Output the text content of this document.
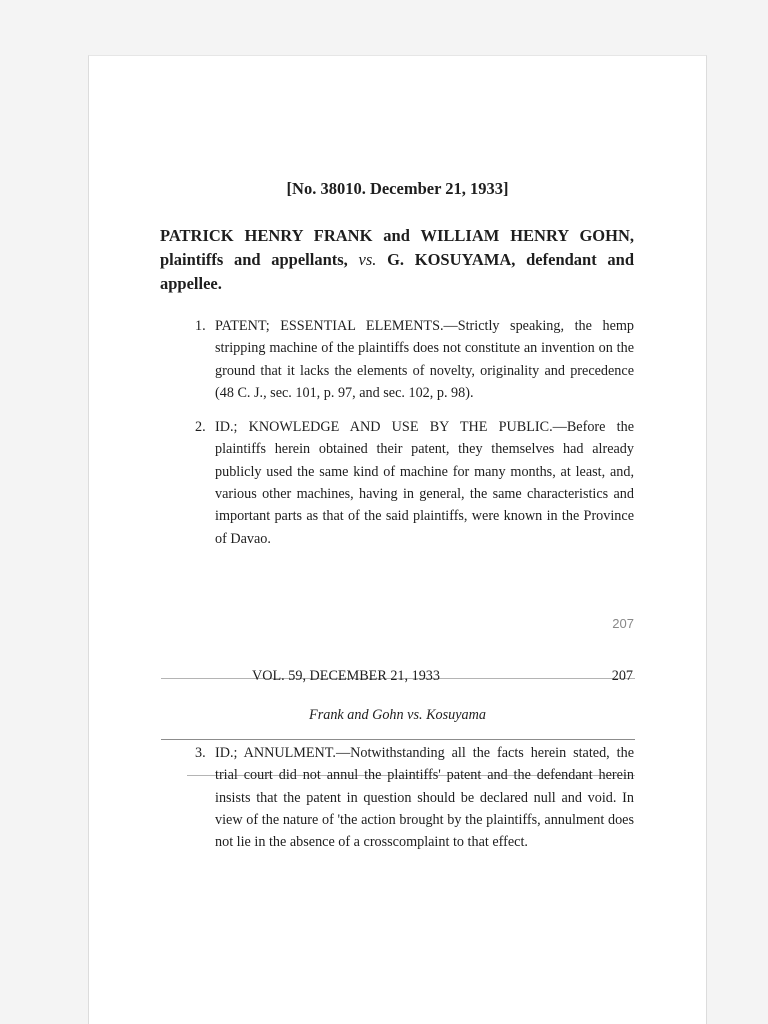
[No. 38010. December 21, 1933]

PATRICK HENRY FRANK and WILLIAM HENRY GOHN, plaintiffs and appellants, vs. G. KOSUYAMA, defendant and appellee.

1. PATENT; ESSENTIAL ELEMENTS.—Strictly speaking, the hemp stripping machine of the plaintiffs does not constitute an invention on the ground that it lacks the elements of novelty, originality and precedence (48 C. J., sec. 101, p. 97, and sec. 102, p. 98).
2. ID.; KNOWLEDGE AND USE BY THE PUBLIC.—Before the plaintiffs herein obtained their patent, they themselves had already publicly used the same kind of machine for many months, at least, and, various other machines, having in general, the same characteristics and important parts as that of the said plaintiffs, were known in the Province of Davao.
207

VOL. 59, DECEMBER 21, 1933	207

Frank and Gohn vs. Kosuyama

3. ID.; ANNULMENT.—Notwithstanding all the facts herein stated, the trial court did not annul the plaintiffs' patent and the defendant herein insists that the patent in question should be declared null and void. In view of the nature of 'the action brought by the plaintiffs, annulment does not lie in the absence of a crosscomplaint to that effect.
